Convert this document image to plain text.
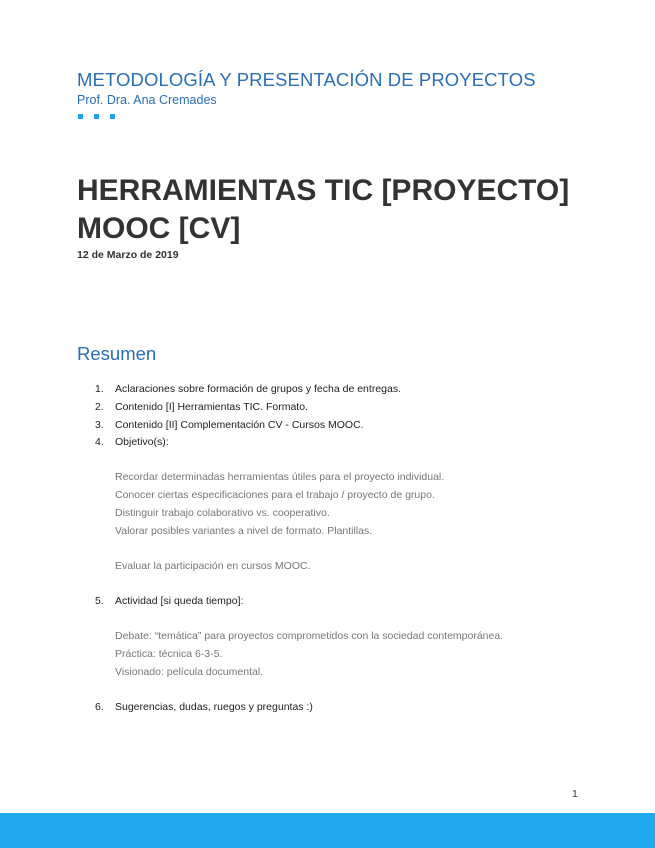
METODOLOGÍA Y PRESENTACIÓN DE PROYECTOS
Prof. Dra. Ana Cremades
HERRAMIENTAS TIC [PROYECTO]
MOOC [CV]
12 de Marzo de 2019
Resumen
1.	Aclaraciones sobre formación de grupos y fecha de entregas.
2.	Contenido [I] Herramientas TIC. Formato.
3.	Contenido [II] Complementación CV - Cursos MOOC.
4.	Objetivo(s):
Recordar determinadas herramientas útiles para el proyecto individual.
Conocer ciertas especificaciones para el trabajo / proyecto de grupo.
Distinguir trabajo colaborativo vs. cooperativo.
Valorar posibles variantes a nivel de formato. Plantillas.
Evaluar la participación en cursos MOOC.
5.	Actividad [si queda tiempo]:
Debate: “temática” para proyectos comprometidos con la sociedad contemporánea.
Práctica: técnica 6-3-5.
Visionado: película documental.
6.	Sugerencias, dudas, ruegos y preguntas :)
1
